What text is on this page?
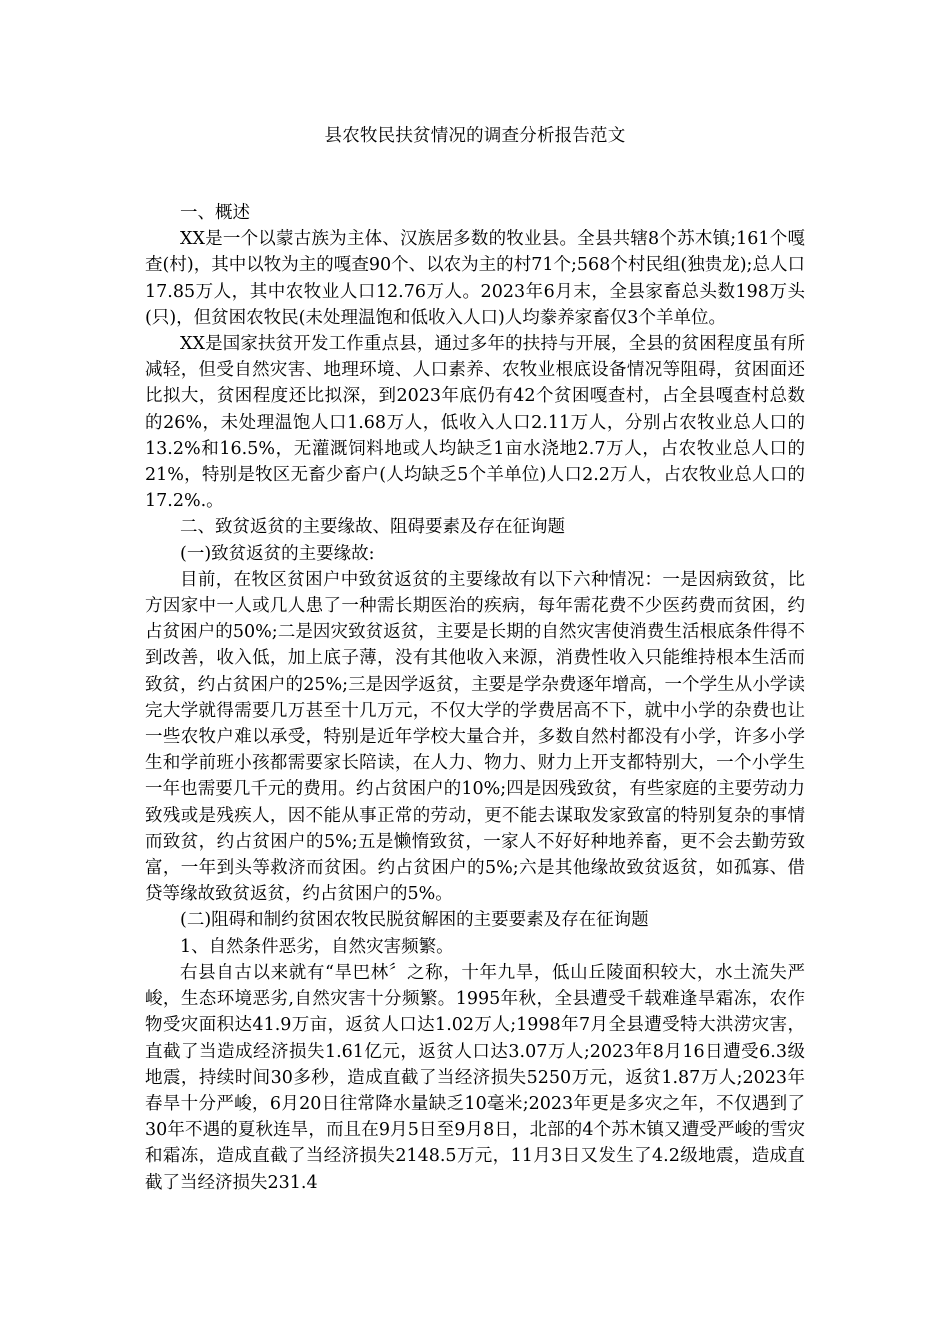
县农牧民扶贫情况的调查分析报告范文

一、概述

XX是一个以蒙古族为主体、汉族居多数的牧业县。全县共辖8个苏木镇;161个嘎查(村)，其中以牧为主的嘎查90个、以农为主的村71个;568个村民组(独贵龙);总人口17.85万人，其中农牧业人口12.76万人。2023年6月末，全县家畜总头数198万头(只)，但贫困农牧民(未处理温饱和低收入人口)人均豢养家畜仅3个羊单位。

XX是国家扶贫开发工作重点县，通过多年的扶持与开展，全县的贫困程度虽有所减轻，但受自然灾害、地理环境、人口素养、农牧业根底设备情况等阻碍，贫困面还比拟大，贫困程度还比拟深，到2023年底仍有42个贫困嘎查村，占全县嘎查村总数的26%，未处理温饱人口1.68万人，低收入人口2.11万人，分别占农牧业总人口的13.2%和16.5%，无灌溉饲料地或人均缺乏1亩水浇地2.7万人，占农牧业总人口的21%，特别是牧区无畜少畜户(人均缺乏5个羊单位)人口2.2万人，占农牧业总人口的17.2%.。

二、致贫返贫的主要缘故、阻碍要素及存在征询题

(一)致贫返贫的主要缘故:

目前，在牧区贫困户中致贫返贫的主要缘故有以下六种情况：一是因病致贫，比方因家中一人或几人患了一种需长期医治的疾病，每年需花费不少医药费而贫困，约占贫困户的50%;二是因灾致贫返贫，主要是长期的自然灾害使消费生活根底条件得不到改善，收入低，加上底子薄，没有其他收入来源，消费性收入只能维持根本生活而致贫，约占贫困户的25%;三是因学返贫，主要是学杂费逐年增高，一个学生从小学读完大学就得需要几万甚至十几万元，不仅大学的学费居高不下，就中小学的杂费也让一些农牧户难以承受，特别是近年学校大量合并，多数自然村都没有小学，许多小学生和学前班小孩都需要家长陪读，在人力、物力、财力上开支都特别大，一个小学生一年也需要几千元的费用。约占贫困户的10%;四是因残致贫，有些家庭的主要劳动力致残或是残疾人，因不能从事正常的劳动，更不能去谋取发家致富的特别复杂的事情而致贫，约占贫困户的5%;五是懒惰致贫，一家人不好好种地养畜，更不会去勤劳致富，一年到头等救济而贫困。约占贫困户的5%;六是其他缘故致贫返贫，如孤寡、借贷等缘故致贫返贫，约占贫困户的5%。

(二)阻碍和制约贫困农牧民脱贫解困的主要要素及存在征询题

1、自然条件恶劣，自然灾害频繁。

右县自古以来就有“旱巴林〞之称，十年九旱，低山丘陵面积较大，水土流失严峻，生态环境恶劣,自然灾害十分频繁。1995年秋，全县遭受千载难逢旱霜冻，农作物受灾面积达41.9万亩，返贫人口达1.02万人;1998年7月全县遭受特大洪涝灾害，直截了当造成经济损失1.61亿元，返贫人口达3.07万人;2023年8月16日遭受6.3级地震，持续时间30多秒，造成直截了当经济损失5250万元，返贫1.87万人;2023年春旱十分严峻，6月20日往常降水量缺乏10毫米;2023年更是多灾之年，不仅遇到了30年不遇的夏秋连旱，而且在9月5日至9月8日，北部的4个苏木镇又遭受严峻的雪灾和霜冻，造成直截了当经济损失2148.5万元，11月3日又发生了4.2级地震，造成直截了当经济损失231.4
